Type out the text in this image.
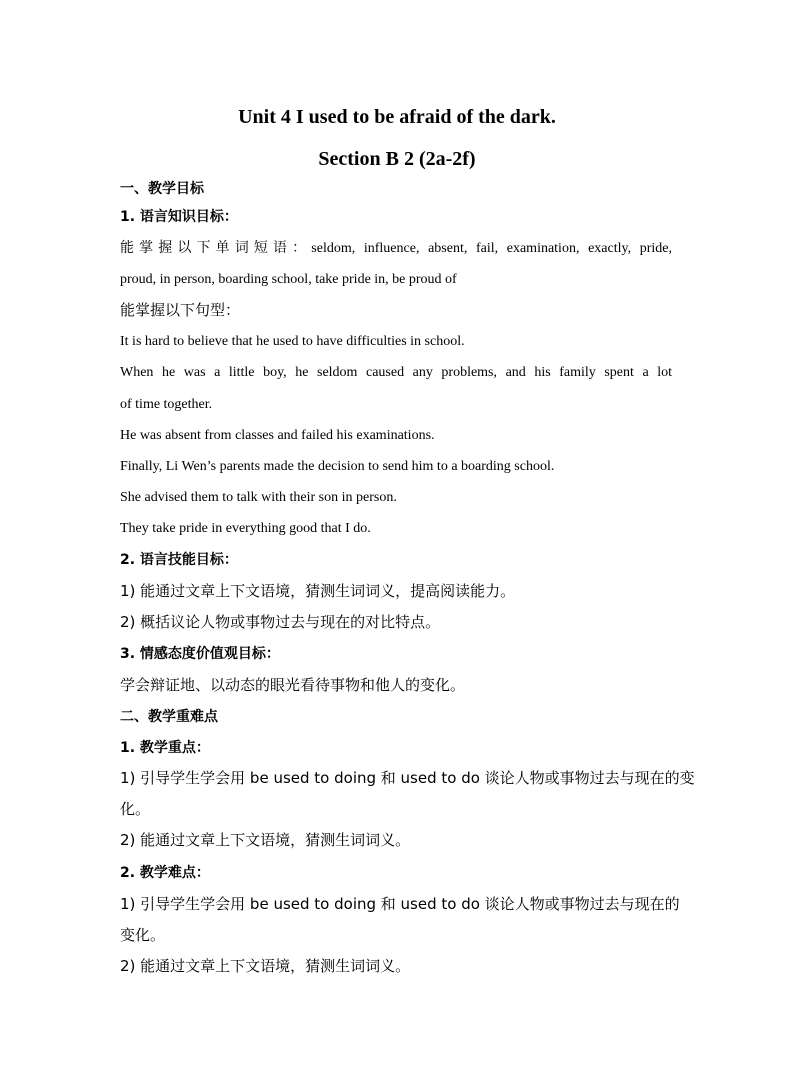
Unit 4 I used to be afraid of the dark.
Section B 2 (2a-2f)
一、教学目标
1. 语言知识目标：
能掌握以下单词短语：seldom, influence, absent, fail, examination, exactly, pride,
proud, in person, boarding school, take pride in, be proud of
能掌握以下句型：
It is hard to believe that he used to have difficulties in school.
When he was a little boy, he seldom caused any problems, and his family spent a lot
of time together.
He was absent from classes and failed his examinations.
Finally, Li Wen’s parents made the decision to send him to a boarding school.
She advised them to talk with their son in person.
They take pride in everything good that I do.
2. 语言技能目标：
1) 能通过文章上下文语境，猜测生词词义，提高阅读能力。
2) 概括议论人物或事物过去与现在的对比特点。
3. 情感态度价值观目标：
学会辩证地、以动态的眼光看待事物和他人的变化。
二、教学重难点
1. 教学重点：
1) 引导学生学会用 be used to doing 和 used to do 谈论人物或事物过去与现在的变
化。
2) 能通过文章上下文语境，猜测生词词义。
2. 教学难点：
1) 引导学生学会用 be used to doing 和 used to do 谈论人物或事物过去与现在的
变化。
2) 能通过文章上下文语境，猜测生词词义。
